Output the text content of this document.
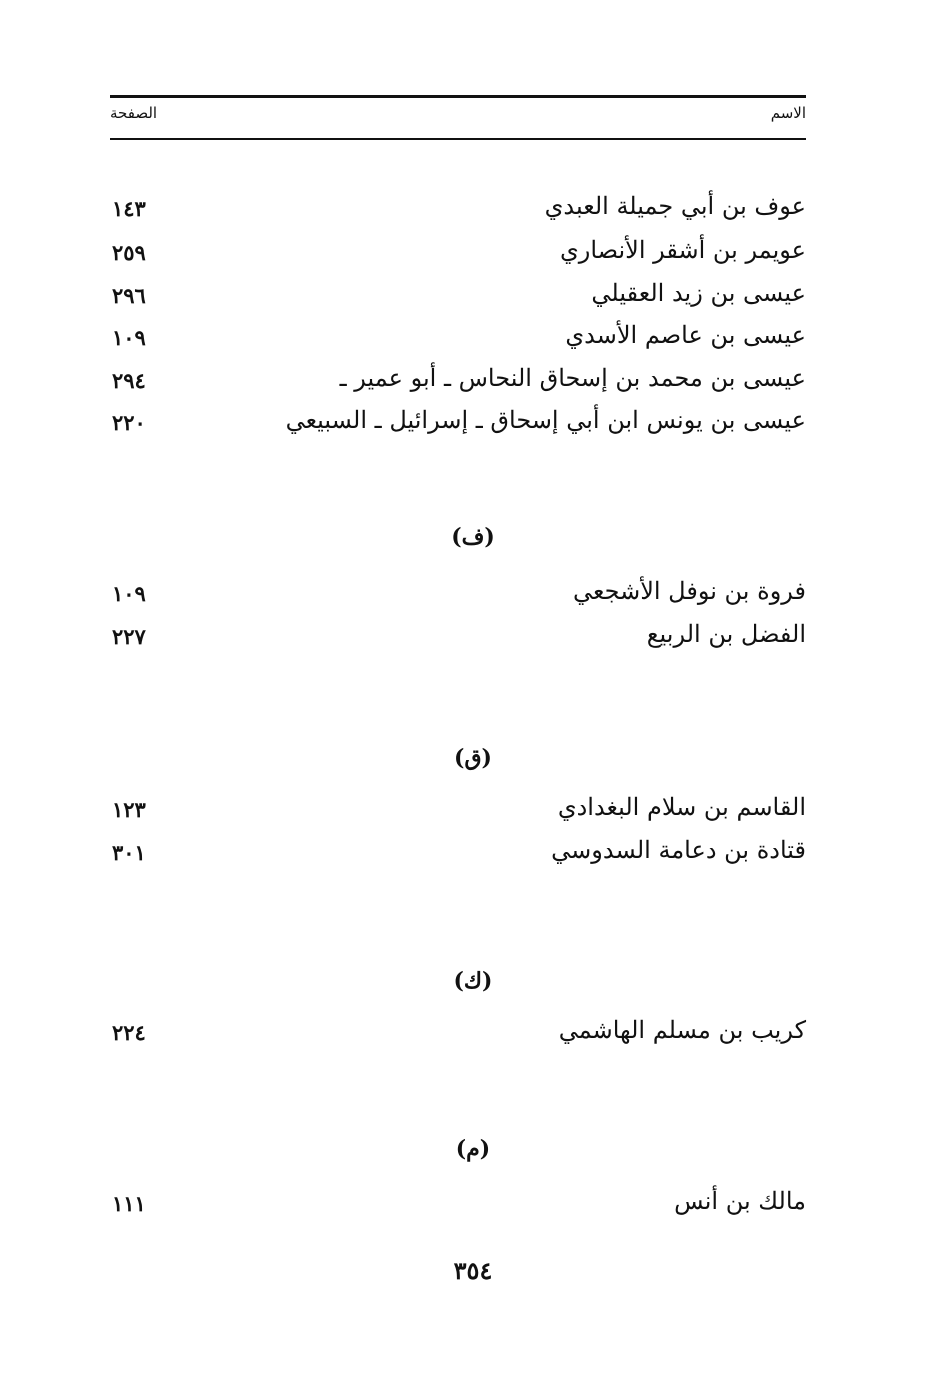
الاسم
الصفحة
عوف بن أبي جميلة العبدي
١٤٣
عويمر بن أشقر الأنصاري
٢٥٩
عيسى بن زيد العقيلي
٢٩٦
عيسى بن عاصم الأسدي
١٠٩
عيسى بن محمد بن إسحاق النحاس ـ أبو عمير ـ
٢٩٤
عيسى بن يونس ابن أبي إسحاق ـ إسرائيل ـ السبيعي
٢٢٠
(ف)
فروة بن نوفل الأشجعي
١٠٩
الفضل بن الربيع
٢٢٧
(ق)
القاسم بن سلام البغدادي
١٢٣
قتادة بن دعامة السدوسي
٣٠١
(ك)
كريب بن مسلم الهاشمي
٢٢٤
(م)
مالك بن أنس
١١١
٣٥٤
